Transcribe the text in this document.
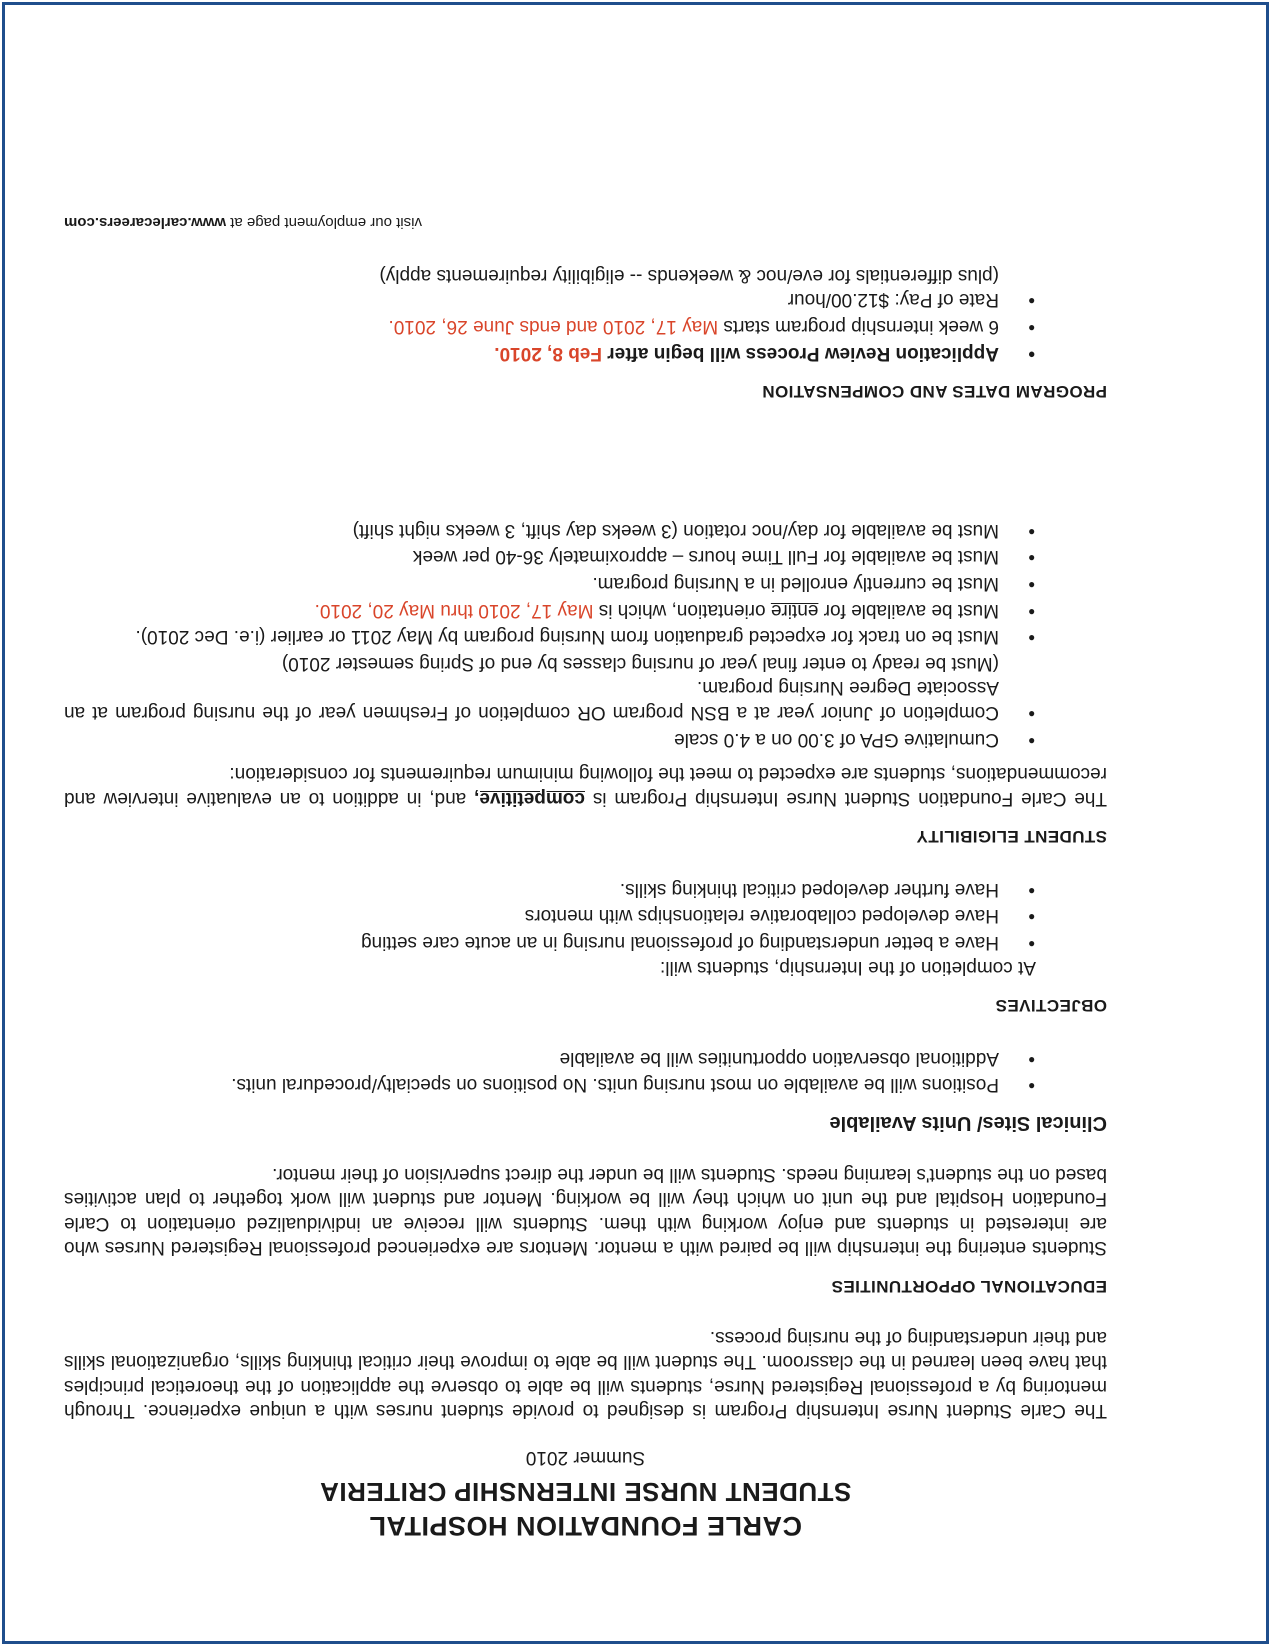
CARLE FOUNDATION HOSPITAL
STUDENT NURSE INTERNSHIP CRITERIA
Summer 2010

The Carle Student Nurse Internship Program is designed to provide student nurses with a unique experience. Through mentoring by a professional Registered Nurse, students will be able to observe the application of the theoretical principles that have been learned in the classroom. The student will be able to improve their critical thinking skills, organizational skills and their understanding of the nursing process.

EDUCATIONAL OPPORTUNITIES

Students entering the internship will be paired with a mentor. Mentors are experienced professional Registered Nurses who are interested in students and enjoy working with them. Students will receive an individualized orientation to Carle Foundation Hospital and the unit on which they will be working. Mentor and student will work together to plan activities based on the student's learning needs. Students will be under the direct supervision of their mentor.

Clinical Sites/ Units Available

•
Positions will be available on most nursing units. No positions on specialty/procedural units.
•
Additional observation opportunities will be available

OBJECTIVES

At completion of the Internship, students will:

•
Have a better understanding of professional nursing in an acute care setting
•
Have developed collaborative relationships with mentors
•
Have further developed critical thinking skills.

STUDENT ELIGIBILITY

The Carle Foundation Student Nurse Internship Program is competitive, and, in addition to an evaluative interview and recommendations, students are expected to meet the following minimum requirements for consideration:

•
Cumulative GPA of 3.00 on a 4.0 scale
•
Completion of Junior year at a BSN program OR completion of Freshmen year of the nursing program at an Associate Degree Nursing program.
(Must be ready to enter final year of nursing classes by end of Spring semester 2010)
•
Must be on track for expected graduation from Nursing program by May 2011 or earlier (i.e. Dec 2010).
•
Must be available for entire orientation, which is May 17, 2010 thru May 20, 2010.
•
Must be currently enrolled in a Nursing program.
•
Must be available for Full Time hours – approximately 36-40 per week
•
Must be available for day/noc rotation (3 weeks day shift, 3 weeks night shift)

PROGRAM DATES AND COMPENSATION

•
Application Review Process will begin after Feb 8, 2010.
•
6 week internship program starts May 17, 2010 and ends June 26, 2010.
•
Rate of Pay: $12.00/hour
(plus differentials for eve/noc & weekends -- eligibility requirements apply)
visit our employment page at www.carlecareers.com
